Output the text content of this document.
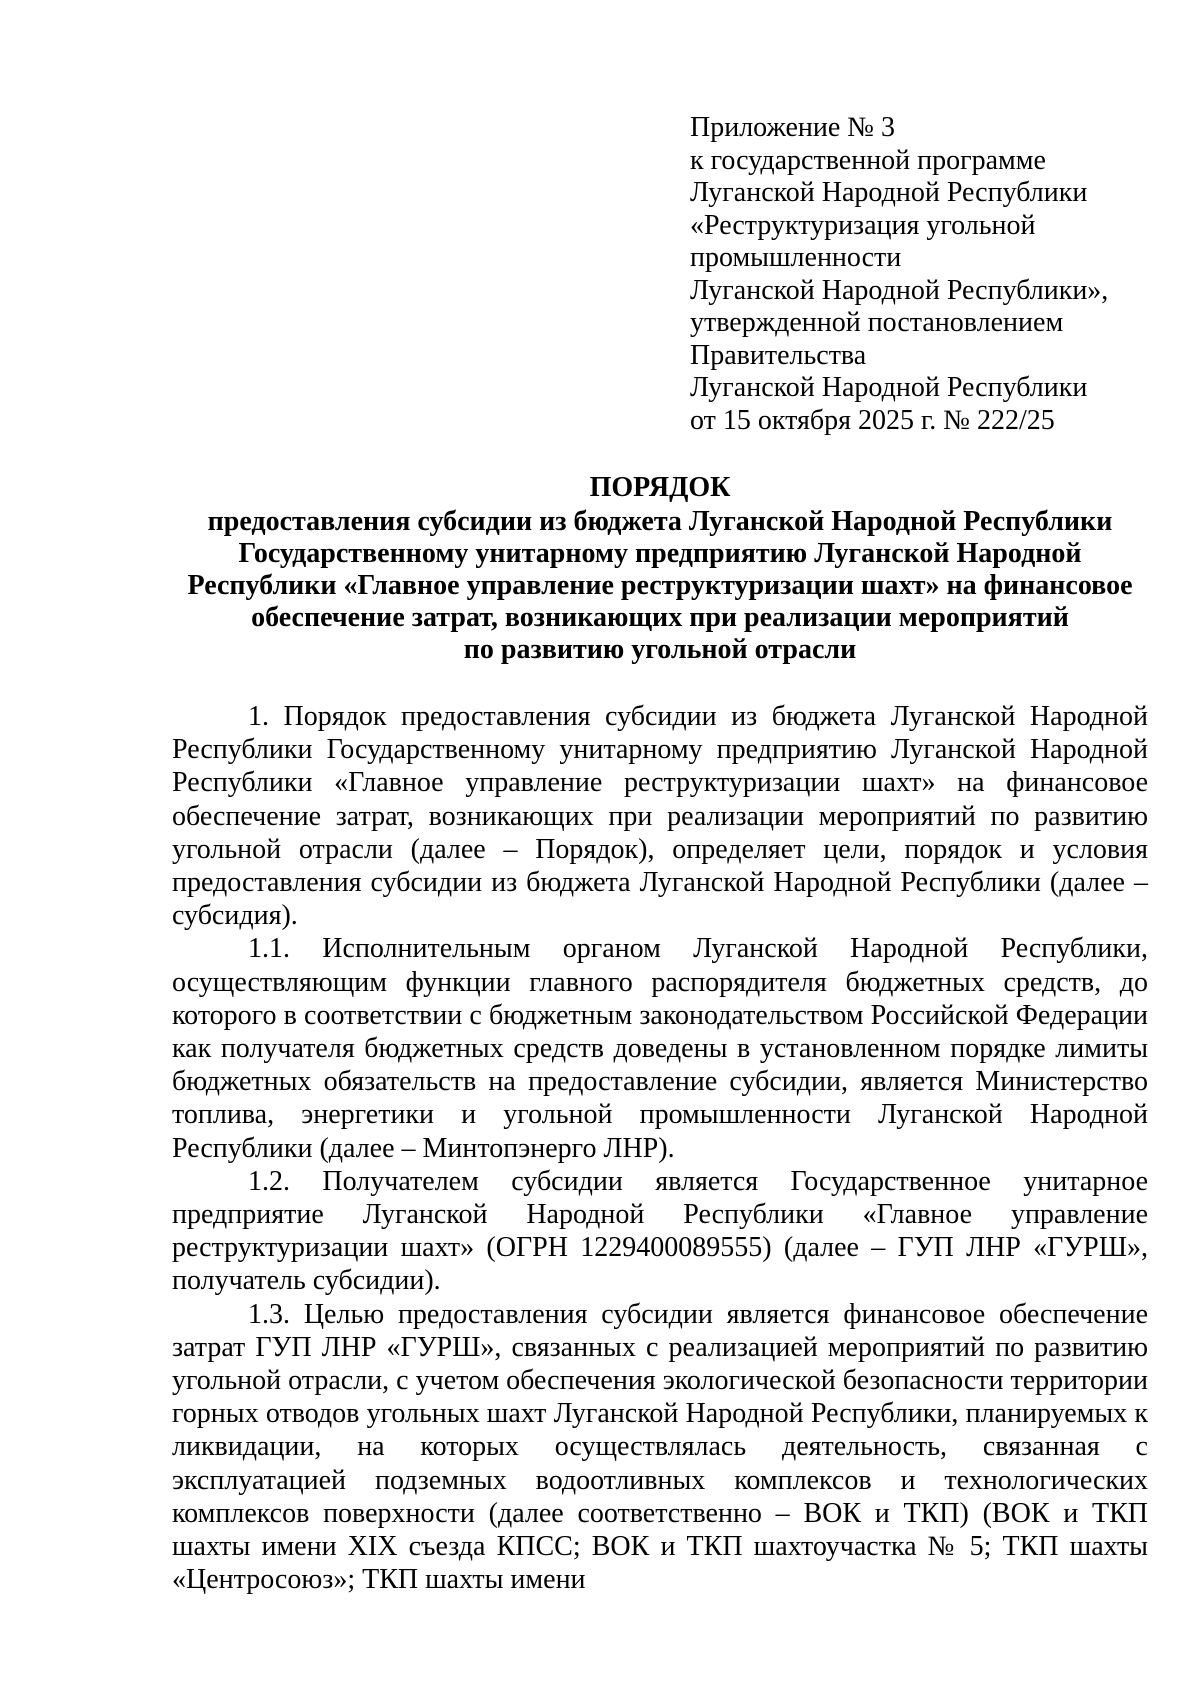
Приложение № 3
к государственной программе
Луганской Народной Республики
«Реструктуризация угольной
промышленности
Луганской Народной Республики»,
утвержденной постановлением
Правительства
Луганской Народной Республики
от 15 октября 2025 г. № 222/25
ПОРЯДОК
предоставления субсидии из бюджета Луганской Народной Республики
Государственному унитарному предприятию Луганской Народной
Республики «Главное управление реструктуризации шахт» на финансовое
обеспечение затрат, возникающих при реализации мероприятий
по развитию угольной отрасли

1. Порядок предоставления субсидии из бюджета Луганской Народной Республики Государственному унитарному предприятию Луганской Народной Республики «Главное управление реструктуризации шахт» на финансовое обеспечение затрат, возникающих при реализации мероприятий по развитию угольной отрасли (далее – Порядок), определяет цели, порядок и условия предоставления субсидии из бюджета Луганской Народной Республики (далее – субсидия).

1.1. Исполнительным органом Луганской Народной Республики, осуществляющим функции главного распорядителя бюджетных средств, до которого в соответствии с бюджетным законодательством Российской Федерации как получателя бюджетных средств доведены в установленном порядке лимиты бюджетных обязательств на предоставление субсидии, является Министерство топлива, энергетики и угольной промышленности Луганской Народной Республики (далее – Минтопэнерго ЛНР).

1.2. Получателем субсидии является Государственное унитарное предприятие Луганской Народной Республики «Главное управление реструктуризации шахт» (ОГРН 1229400089555) (далее – ГУП ЛНР «ГУРШ», получатель субсидии).

1.3. Целью предоставления субсидии является финансовое обеспечение затрат ГУП ЛНР «ГУРШ», связанных с реализацией мероприятий по развитию угольной отрасли, с учетом обеспечения экологической безопасности территории горных отводов угольных шахт Луганской Народной Республики, планируемых к ликвидации, на которых осуществлялась деятельность, связанная с эксплуатацией подземных водоотливных комплексов и технологических комплексов поверхности (далее соответственно – ВОК и ТКП) (ВОК и ТКП шахты имени XIX съезда КПСС; ВОК и ТКП шахтоучастка № 5; ТКП шахты «Центросоюз»; ТКП шахты имени
